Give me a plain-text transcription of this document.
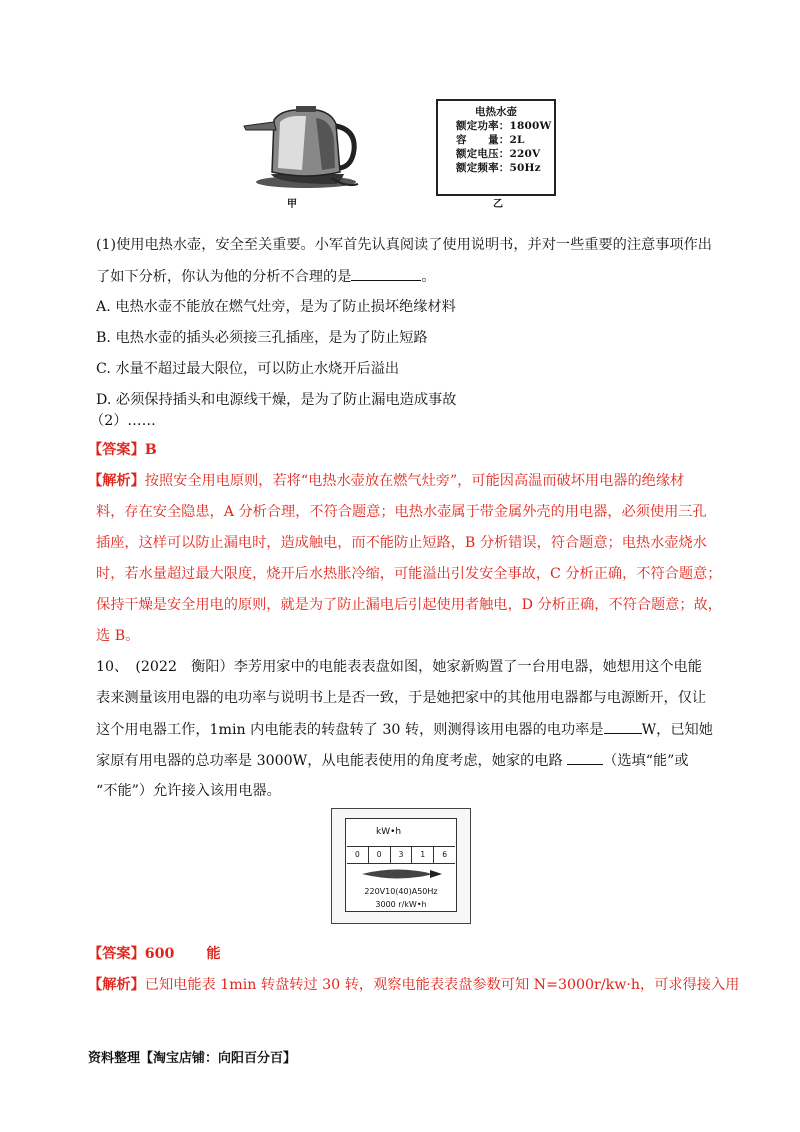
甲
电热水壶
额定功率：1800W
容　　量：2L
额定电压：220V
额定频率：50Hz
乙
(1)使用电热水壶，安全至关重要。小军首先认真阅读了使用说明书，并对一些重要的注意事项作出
了如下分析，你认为他的分析不合理的是	。
A. 电热水壶不能放在燃气灶旁，是为了防止损坏绝缘材料
B. 电热水壶的插头必须接三孔插座，是为了防止短路
C. 水量不超过最大限位，可以防止水烧开后溢出
D. 必须保持插头和电源线干燥，是为了防止漏电造成事故
（2）……
【答案】B
【解析】按照安全用电原则，若将“电热水壶放在燃气灶旁”，可能因高温而破坏用电器的绝缘材
料，存在安全隐患，A 分析合理，不符合题意；电热水壶属于带金属外壳的用电器，必须使用三孔
插座，这样可以防止漏电时，造成触电，而不能防止短路，B 分析错误，符合题意；电热水壶烧水
时，若水量超过最大限度，烧开后水热胀冷缩，可能溢出引发安全事故，C 分析正确，不符合题意；
保持干燥是安全用电的原则，就是为了防止漏电后引起使用者触电，D 分析正确，不符合题意；故，
选 B。
10、　(2022　衡阳）李芳用家中的电能表表盘如图，她家新购置了一台用电器，她想用这个电能
表来测量该用电器的电功率与说明书上是否一致，于是她把家中的其他用电器都与电源断开，仅让
这个用电器工作，1min 内电能表的转盘转了 30 转，则测得该用电器的电功率是	W，已知她
家原有用电器的总功率是 3000W，从电能表使用的角度考虑，她家的电路	（选填“能”或
“不能”）允许接入该用电器。
kW•h
0	0	3	1	6
220V10(40)A50Hz
3000 r/kW•h
【答案】600 能
【解析】已知电能表 1min 转盘转过 30 转，观察电能表表盘参数可知 N=3000r/kw·h，可求得接入用
资料整理【淘宝店铺：向阳百分百】
